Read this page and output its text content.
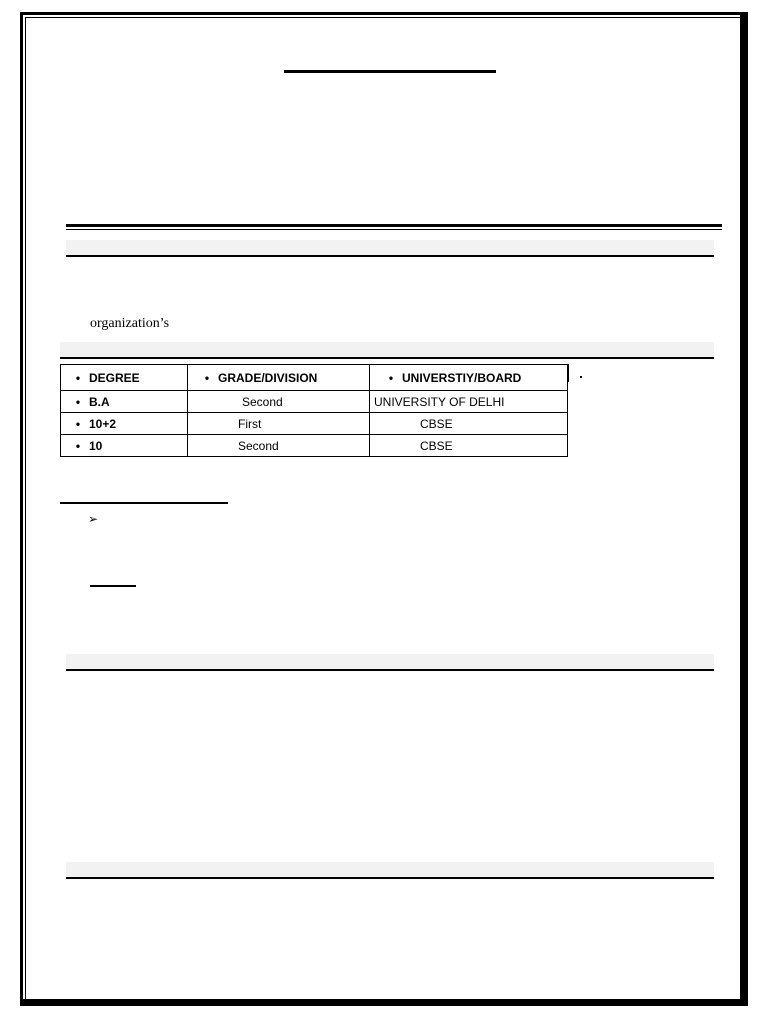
organization’s
• DEGREE	• GRADE/DIVISION	• UNIVERSTIY/BOARD
• B.A	Second	UNIVERSITY OF DELHI
• 10+2	First	CBSE
• 10	Second	CBSE
➢
